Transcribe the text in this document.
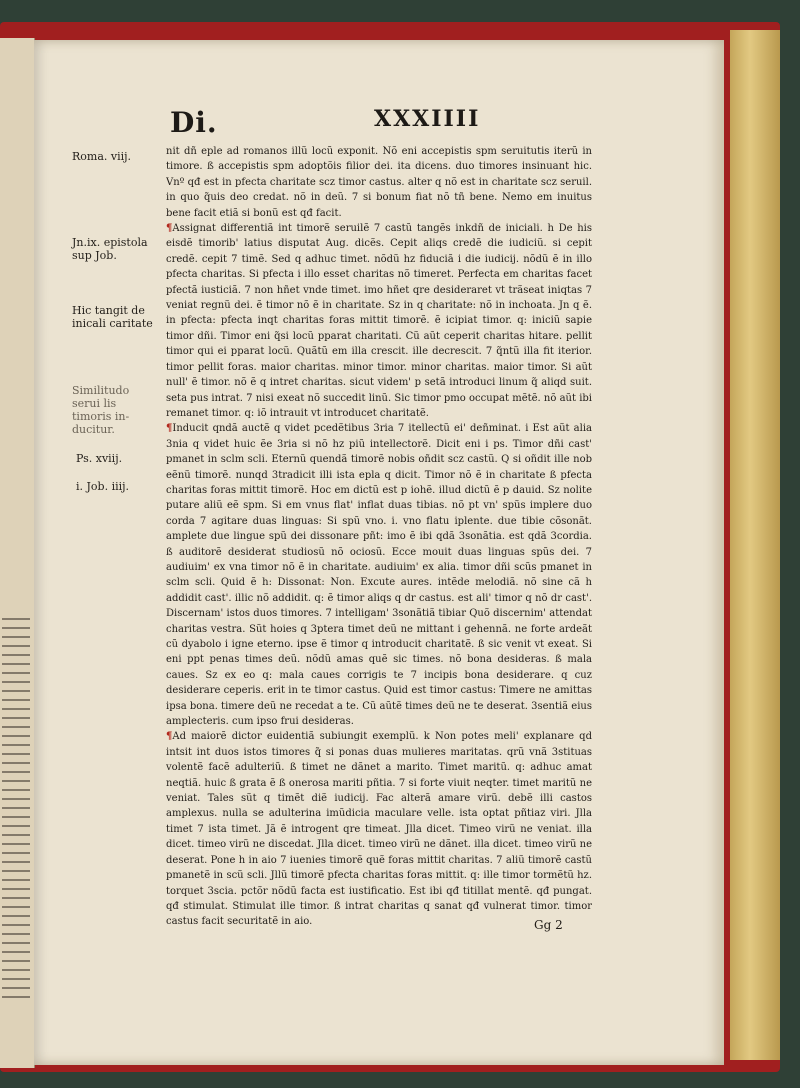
Di.	XXXIIII
Roma. viij.
Jn.ix. epistola sup Job.
Hic tangit de inicali caritate
Similitudo serui lis timoris in-ducitur.
Ps. xviij.
i. Job. iiij.

nit dñ eple ad romanos illũ locũ exponit. Nõ eni accepistis spm seruitutis iterũ in timore. ß accepistis spm adoptõis filior dei. ita dicens. duo timores insinuant hic. Vnº qđ est in pfecta charitate scz timor castus. alter q nõ est in charitate scz seruil. in quo q̃uis deo credat. nõ in deũ. 7 si bonum fiat nõ tñ bene. Nemo em inuitus bene facit etiã si bonũ est qđ facit.

¶Assignat differentiã int timorẽ seruilẽ 7 castũ tangẽs inkdñ de iniciali. h De his eisdẽ timorib' latius disputat Aug. dicẽs. Cepit aliqs credẽ die iudiciũ. si cepit credẽ. cepit 7 timẽ. Sed q adhuc timet. nõdũ hz fiduciã i die iudicij. nõdũ ẽ in illo pfecta charitas. Si pfecta i illo esset charitas nõ timeret. Perfecta em charitas facet pfectã iusticiã. 7 non hñet vnde timet. imo hñet qre desideraret vt trãseat iniqtas 7 veniat regnũ dei. ẽ timor nõ ẽ in charitate. Sz in q charitate: nõ in inchoata. Jn q ẽ. in pfecta: pfecta inqt charitas foras mittit timorẽ. ẽ icipiat timor. q: iniciũ sapie timor dñi. Timor eni q̃si locũ pparat charitati. Cũ aũt ceperit charitas hitare. pellit timor qui ei pparat locũ. Quãtũ em illa crescit. ille decrescit. 7 q̃ntũ illa fit iterior. timor pellit foras. maior charitas. minor timor. minor charitas. maior timor. Si aũt null' ẽ timor. nõ ẽ q intret charitas. sicut videm' p setã introduci linum q̃ aliqd suit. seta pus intrat. 7 nisi exeat nõ succedit linũ. Sic timor pmo occupat mẽtẽ. nõ aũt ibi remanet timor. q: iõ intrauit vt introducet charitatẽ.

¶Inducit qndã auctẽ q videt pcedẽtibus 3ria 7 itellectũ ei' deñminat. i Est aũt alia 3nia q videt huic ẽe 3ria si nõ hz piũ intellectorẽ. Dicit eni i ps. Timor dñi cast' pmanet in sclm scli. Eternũ quendã timorẽ nobis oñdit scz castũ. Q si oñdit ille nob eẽnũ timorẽ. nunqd 3tradicit illi ista epla q dicit. Timor nõ ẽ in charitate ß pfecta charitas foras mittit timorẽ. Hoc em dictũ est p iohẽ. illud dictũ ẽ p dauid. Sz nolite putare aliũ eẽ spm. Si em vnus flat' inflat duas tibias. nõ pt vn' spũs implere duo corda 7 agitare duas linguas: Si spũ vno. i. vno flatu iplente. due tibie cõsonãt. amplete due lingue spũ dei dissonare pñt: imo ẽ ibi qdã 3sonãtia. est qdã 3cordia. ß auditorẽ desiderat studiosũ nõ ociosũ. Ecce mouit duas linguas spũs dei. 7 audiuim' ex vna timor nõ ẽ in charitate. audiuim' ex alia. timor dñi scũs pmanet in sclm scli. Quid ẽ h: Dissonat: Non. Excute aures. intẽde melodiã. nõ sine cã h addidit cast'. illic nõ addidit. q: ẽ timor aliqs q dr castus. est ali' timor q nõ dr cast'. Discernam' istos duos timores. 7 intelligam' 3sonãtiã tibiar Quõ discernim' attendat charitas vestra. Sũt hoies q 3ptera timet deũ ne mittant i gehennã. ne forte ardeãt cũ dyabolo i igne eterno. ipse ẽ timor q introducit charitatẽ. ß sic venit vt exeat. Si eni ppt penas times deũ. nõdũ amas quẽ sic times. nõ bona desideras. ß mala caues. Sz ex eo q: mala caues corrigis te 7 incipis bona desiderare. q cuz desiderare ceperis. erit in te timor castus. Quid est timor castus: Timere ne amittas ipsa bona. timere deũ ne recedat a te. Cũ aũtẽ times deũ ne te deserat. 3sentiã eius amplecteris. cum ipso frui desideras.

¶Ad maiorẽ dictor euidentiã subiungit exemplũ. k Non potes meli' explanare qd intsit int duos istos timores q̃ si ponas duas mulieres maritatas. qrũ vnã 3stituas volentẽ facẽ adulteriũ. ß timet ne dãnet a marito. Timet maritũ. q: adhuc amat neqtiã. huic ß grata ẽ ß onerosa mariti pñtia. 7 si forte viuit neqter. timet maritũ ne veniat. Tales sũt q timẽt diẽ iudicij. Fac alterã amare virũ. debẽ illi castos amplexus. nulla se adulterina imũdicia maculare velle. ista optat pñtiaz viri. Jlla timet 7 ista timet. Jã ẽ introgent qre timeat. Jlla dicet. Timeo virũ ne veniat. illa dicet. timeo virũ ne discedat. Jlla dicet. timeo virũ ne dãnet. illa dicet. timeo virũ ne deserat. Pone h in aio 7 iuenies timorẽ quẽ foras mittit charitas. 7 aliũ timorẽ castũ pmanetẽ in scũ scli. Jllũ timorẽ pfecta charitas foras mittit. q: ille timor tormẽtũ hz. torquet 3scia. pctõr nõdũ facta est iustificatio. Est ibi qđ titillat mentẽ. qđ pungat. qđ stimulat. Stimulat ille timor. ß intrat charitas q sanat qđ vulnerat timor. timor castus facit securitatẽ in aio.	Gg 2
